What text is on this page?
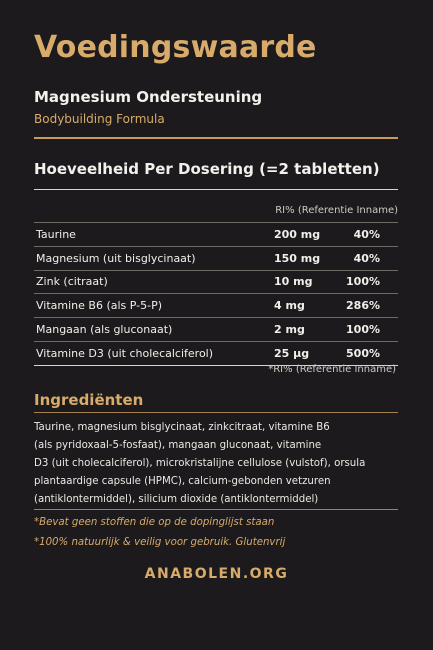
Voedingswaarde
Magnesium Ondersteuning
Bodybuilding Formula
Hoeveelheid Per Dosering (=2 tabletten)
RI% (Referentie Inname)
Taurine	200 mg	40%
Magnesium (uit bisglycinaat)	150 mg	40%
Zink (citraat)	10 mg	100%
Vitamine B6 (als P-5-P)	4 mg	286%
Mangaan (als gluconaat)	2 mg	100%
Vitamine D3 (uit cholecalciferol)	25 µg	500%
*RI% (Referentie Inname)
Ingrediënten
Taurine, magnesium bisglycinaat, zinkcitraat, vitamine B6
(als pyridoxaal-5-fosfaat), mangaan gluconaat, vitamine
D3 (uit cholecalciferol), microkristalijne cellulose (vulstof), orsula
plantaardige capsule (HPMC), calcium-gebonden vetzuren
(antiklontermiddel), silicium dioxide (antiklontermiddel)
*Bevat geen stoffen die op de dopinglijst staan
*100% natuurlijk & veilig voor gebruik. Glutenvrij
ANABOLEN.ORG
